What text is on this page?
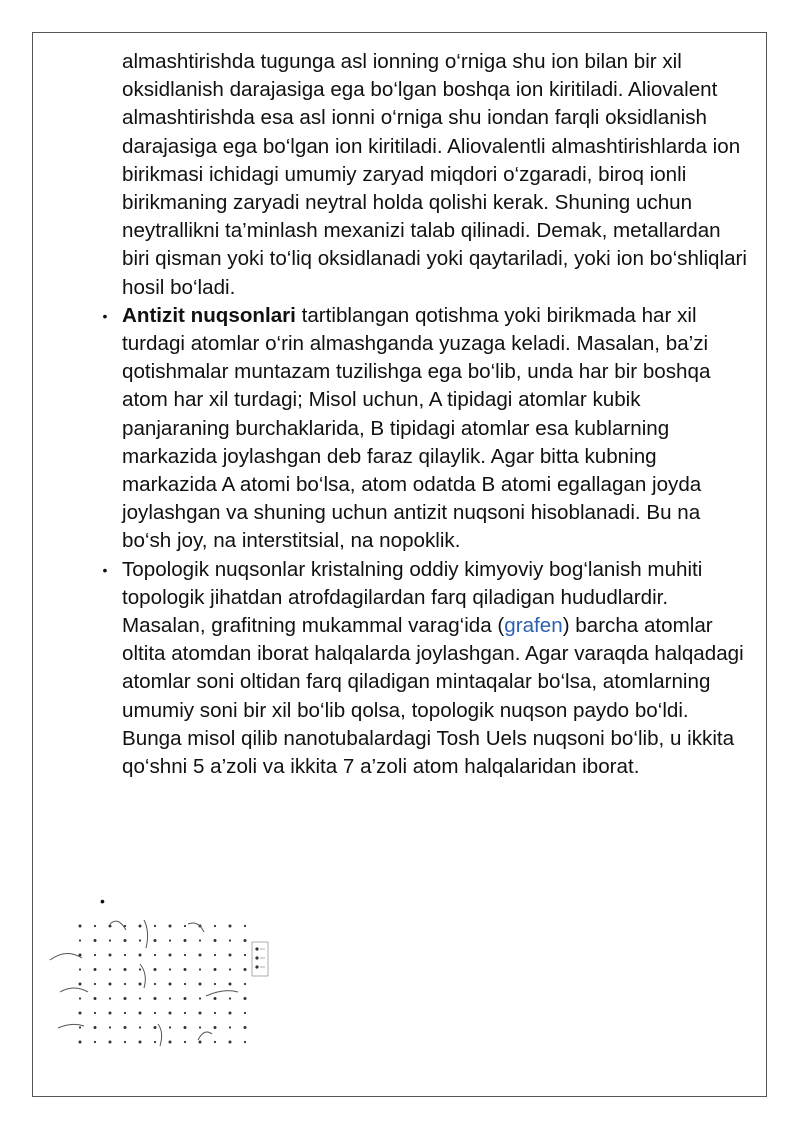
almashtirishda tugunga asl ionning o‘rniga shu ion bilan bir xil oksidlanish darajasiga ega bo‘lgan boshqa ion kiritiladi. Aliovalent almashtirishda esa asl ionni o‘rniga shu iondan farqli oksidlanish darajasiga ega bo‘lgan ion kiritiladi. Aliovalentli almashtirishlarda ion birikmasi ichidagi umumiy zaryad miqdori o‘zgaradi, biroq ionli birikmaning zaryadi neytral holda qolishi kerak. Shuning uchun neytrallikni ta’minlash mexanizi talab qilinadi. Demak, metallardan biri qisman yoki to‘liq oksidlanadi yoki qaytariladi, yoki ion bo‘shliqlari hosil bo‘ladi.

• Antizit nuqsonlari tartiblangan qotishma yoki birikmada har xil turdagi atomlar o‘rin almashganda yuzaga keladi. Masalan, ba’zi qotishmalar muntazam tuzilishga ega bo‘lib, unda har bir boshqa atom har xil turdagi; Misol uchun, A tipidagi atomlar kubik panjaraning burchaklarida, B tipidagi atomlar esa kublarning markazida joylashgan deb faraz qilaylik. Agar bitta kubning markazida A atomi bo‘lsa, atom odatda B atomi egallagan joyda joylashgan va shuning uchun antizit nuqsoni hisoblanadi. Bu na bo‘sh joy, na interstitsial, na nopoklik.

• Topologik nuqsonlar kristalning oddiy kimyoviy bog‘lanish muhiti topologik jihatdan atrofdagilardan farq qiladigan hududlardir. Masalan, grafitning mukammal varag‘ida (grafen) barcha atomlar oltita atomdan iborat halqalarda joylashgan. Agar varaqda halqadagi atomlar soni oltidan farq qiladigan mintaqalar bo‘lsa, atomlarning umumiy soni bir xil bo‘lib qolsa, topologik nuqson paydo bo‘ldi. Bunga misol qilib nanotubalardagi Tosh Uels nuqsoni bo‘lib, u ikkita qo‘shni 5 a’zoli va ikkita 7 a’zoli atom halqalaridan iborat.

•
